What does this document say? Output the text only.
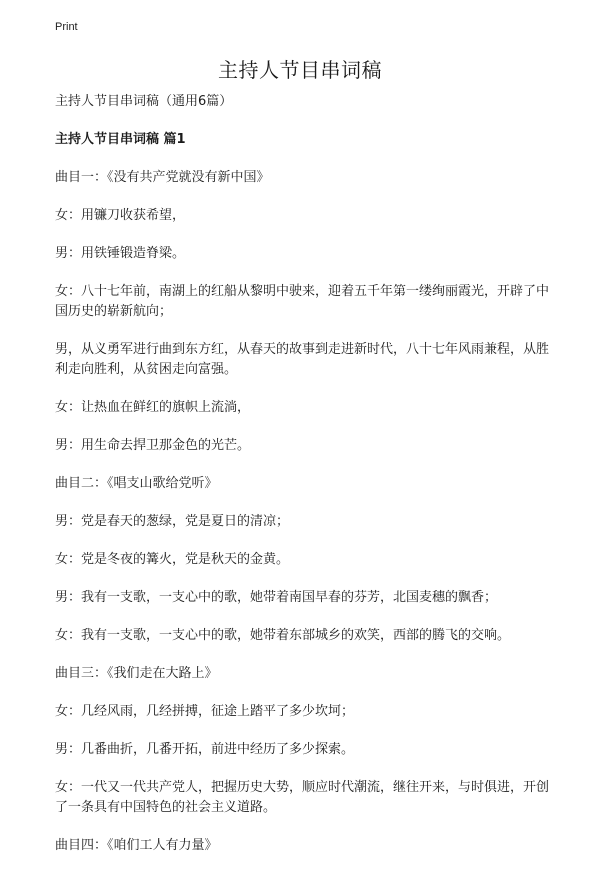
Print
主持人节目串词稿

主持人节目串词稿（通用6篇）

主持人节目串词稿 篇1

曲目一：《没有共产党就没有新中国》

女：用镰刀收获希望，

男：用铁锤锻造脊梁。

女：八十七年前，南湖上的红船从黎明中驶来，迎着五千年第一缕绚丽霞光，开辟了中国历史的崭新航向；

男，从义勇军进行曲到东方红，从春天的故事到走进新时代，八十七年风雨兼程，从胜利走向胜利，从贫困走向富强。

女：让热血在鲜红的旗帜上流淌，

男：用生命去捍卫那金色的光芒。

曲目二：《唱支山歌给党听》

男：党是春天的葱绿，党是夏日的清凉；

女：党是冬夜的篝火，党是秋天的金黄。

男：我有一支歌，一支心中的歌，她带着南国早春的芬芳，北国麦穗的飘香；

女：我有一支歌，一支心中的歌，她带着东部城乡的欢笑，西部的腾飞的交响。

曲目三：《我们走在大路上》

女：几经风雨，几经拼搏，征途上踏平了多少坎坷；

男：几番曲折，几番开拓，前进中经历了多少探索。

女：一代又一代共产党人，把握历史大势，顺应时代潮流，继往开来，与时俱进，开创了一条具有中国特色的社会主义道路。

曲目四：《咱们工人有力量》
